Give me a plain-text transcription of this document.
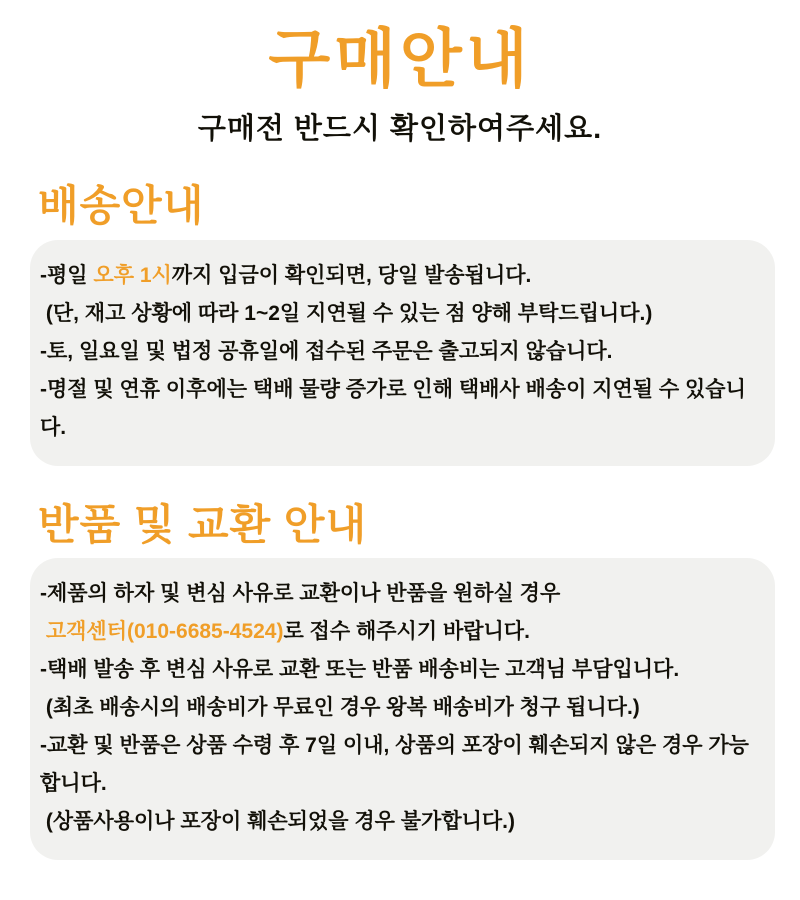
구매안내
구매전 반드시 확인하여주세요.
배송안내
-평일 오후 1시까지 입금이 확인되면, 당일 발송됩니다.
(단, 재고 상황에 따라 1~2일 지연될 수 있는 점 양해 부탁드립니다.)
-토, 일요일 및 법정 공휴일에 접수된 주문은 출고되지 않습니다.
-명절 및 연휴 이후에는 택배 물량 증가로 인해 택배사 배송이 지연될 수 있습니다.
반품 및 교환 안내
-제품의 하자 및 변심 사유로 교환이나 반품을 원하실 경우
고객센터(010-6685-4524)로 접수 해주시기 바랍니다.
-택배 발송 후 변심 사유로 교환 또는 반품 배송비는 고객님 부담입니다.
(최초 배송시의 배송비가 무료인 경우 왕복 배송비가 청구 됩니다.)
-교환 및 반품은 상품 수령 후 7일 이내, 상품의 포장이 훼손되지 않은 경우 가능합니다.
(상품사용이나 포장이 훼손되었을 경우 불가합니다.)
